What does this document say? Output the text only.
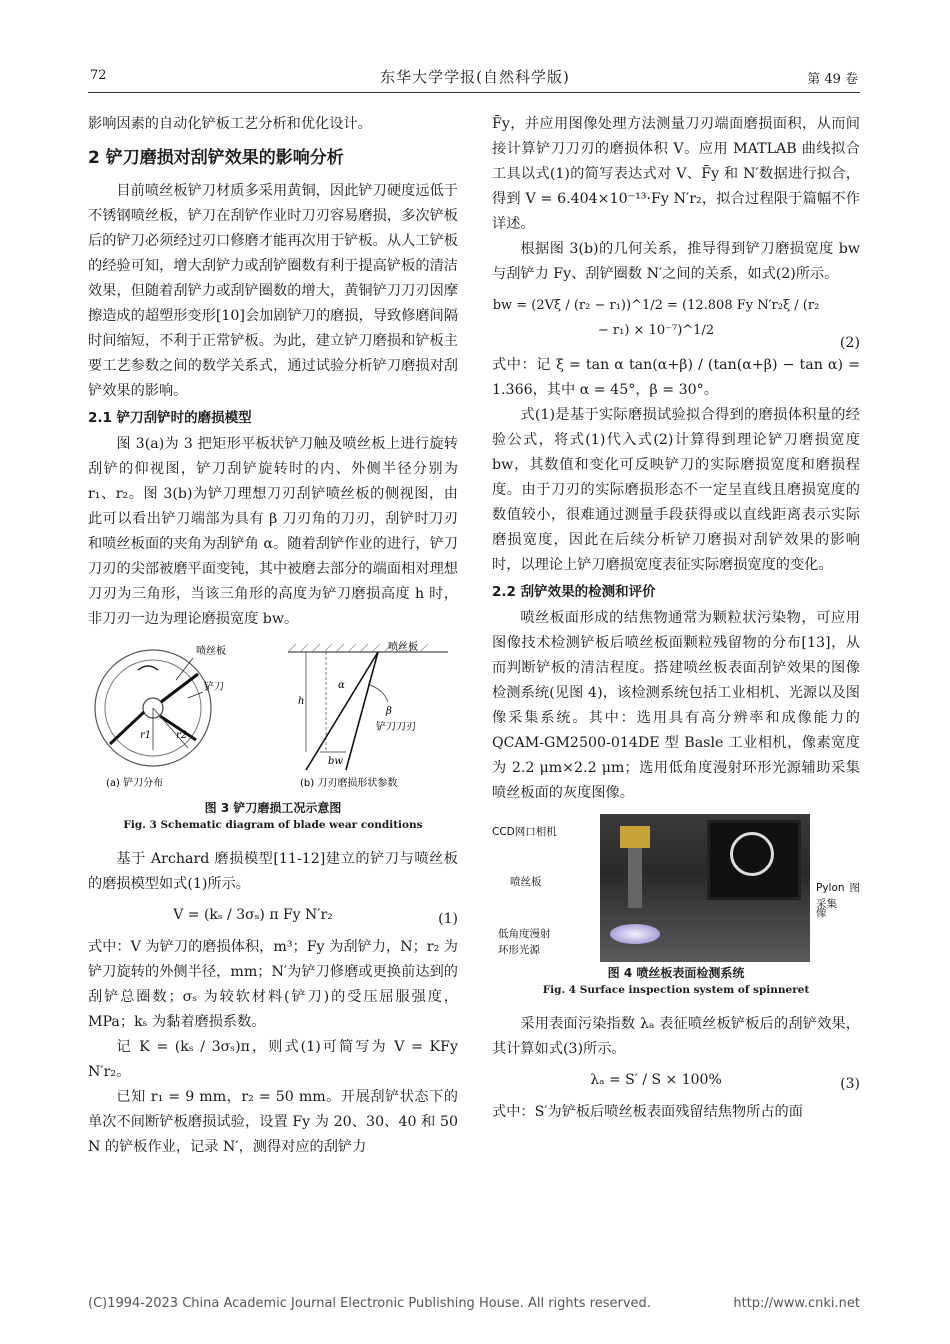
72	东华大学学报(自然科学版)	第 49 卷

影响因素的自动化铲板工艺分析和优化设计。

2 铲刀磨损对刮铲效果的影响分析

目前喷丝板铲刀材质多采用黄铜，因此铲刀硬度远低于不锈钢喷丝板，铲刀在刮铲作业时刀刃容易磨损，多次铲板后的铲刀必须经过刃口修磨才能再次用于铲板。从人工铲板的经验可知，增大刮铲力或刮铲圈数有利于提高铲板的清洁效果，但随着刮铲力或刮铲圈数的增大，黄铜铲刀刀刃因摩擦造成的超塑形变形[10]会加剧铲刀的磨损，导致修磨间隔时间缩短，不利于正常铲板。为此，建立铲刀磨损和铲板主要工艺参数之间的数学关系式，通过试验分析铲刀磨损对刮铲效果的影响。

2.1 铲刀刮铲时的磨损模型

图 3(a)为 3 把矩形平板状铲刀触及喷丝板上进行旋转刮铲的仰视图，铲刀刮铲旋转时的内、外侧半径分别为 r₁、r₂。图 3(b)为铲刀理想刀刃刮铲喷丝板的侧视图，由此可以看出铲刀端部为具有 β 刀刃角的刀刃，刮铲时刀刃和喷丝板面的夹角为刮铲角 α。随着刮铲作业的进行，铲刀刀刃的尖部被磨平面变钝，其中被磨去部分的端面相对理想刀刃为三角形，当该三角形的高度为铲刀磨损高度 h 时，非刀刃一边为理论磨损宽度 bw。

喷丝板
铲刀
r1 r2
α
β
h
铲刀刀刃
bw
喷丝板
(a) 铲刀分布	(b) 刀刃磨损形状参数
图 3 铲刀磨损工况示意图
Fig. 3 Schematic diagram of blade wear conditions

基于 Archard 磨损模型[11-12]建立的铲刀与喷丝板的磨损模型如式(1)所示。

V = (kₛ / 3σₛ) π Fy N′r₂	(1)

式中：V 为铲刀的磨损体积，m³；Fy 为刮铲力，N；r₂ 为铲刀旋转的外侧半径，mm；N′为铲刀修磨或更换前达到的刮铲总圈数；σₛ 为较软材料(铲刀)的受压屈服强度，MPa；kₛ 为黏着磨损系数。

记 K = (kₛ / 3σₛ)π，则式(1)可简写为 V = KFy N′r₂。

已知 r₁ = 9 mm，r₂ = 50 mm。开展刮铲状态下的单次不间断铲板磨损试验，设置 Fy 为 20、30、40 和 50 N 的铲板作业，记录 N′，测得对应的刮铲力

F̄y，并应用图像处理方法测量刀刃端面磨损面积，从而间接计算铲刀刀刃的磨损体积 V。应用 MATLAB 曲线拟合工具以式(1)的简写表达式对 V、F̄y 和 N′数据进行拟合，得到 V = 6.404×10⁻¹³·Fy N′r₂，拟合过程限于篇幅不作详述。

根据图 3(b)的几何关系，推导得到铲刀磨损宽度 bw 与刮铲力 Fy、刮铲圈数 N′之间的关系，如式(2)所示。

bw = (2Vξ / (r₂ − r₁))^1/2 = (12.808 Fy N′r₂ξ / (r₂ − r₁) × 10⁻⁷)^1/2
(2)

式中：记 ξ = tan α tan(α+β) / (tan(α+β) − tan α) = 1.366，其中 α = 45°，β = 30°。

式(1)是基于实际磨损试验拟合得到的磨损体积量的经验公式，将式(1)代入式(2)计算得到理论铲刀磨损宽度 bw，其数值和变化可反映铲刀的实际磨损宽度和磨损程度。由于刀刃的实际磨损形态不一定呈直线且磨损宽度的数值较小，很难通过测量手段获得或以直线距离表示实际磨损宽度，因此在后续分析铲刀磨损对刮铲效果的影响时，以理论上铲刀磨损宽度表征实际磨损宽度的变化。

2.2 刮铲效果的检测和评价

喷丝板面形成的结焦物通常为颗粒状污染物，可应用图像技术检测铲板后喷丝板面颗粒残留物的分布[13]，从而判断铲板的清洁程度。搭建喷丝板表面刮铲效果的图像检测系统(见图 4)，该检测系统包括工业相机、光源以及图像采集系统。其中：选用具有高分辨率和成像能力的 QCAM-GM2500-014DE 型 Basle 工业相机，像素宽度为 2.2 μm×2.2 μm；选用低角度漫射环形光源辅助采集喷丝板面的灰度图像。

CCD网口相机
喷丝板
低角度漫射
环形光源
Pylon图像
采集
图 4 喷丝板表面检测系统
Fig. 4 Surface inspection system of spinneret

采用表面污染指数 λₐ 表征喷丝板铲板后的刮铲效果，其计算如式(3)所示。

λₐ = S′ / S × 100%	(3)

式中：S′为铲板后喷丝板表面残留结焦物所占的面

(C)1994-2023 China Academic Journal Electronic Publishing House. All rights reserved.	http://www.cnki.net
